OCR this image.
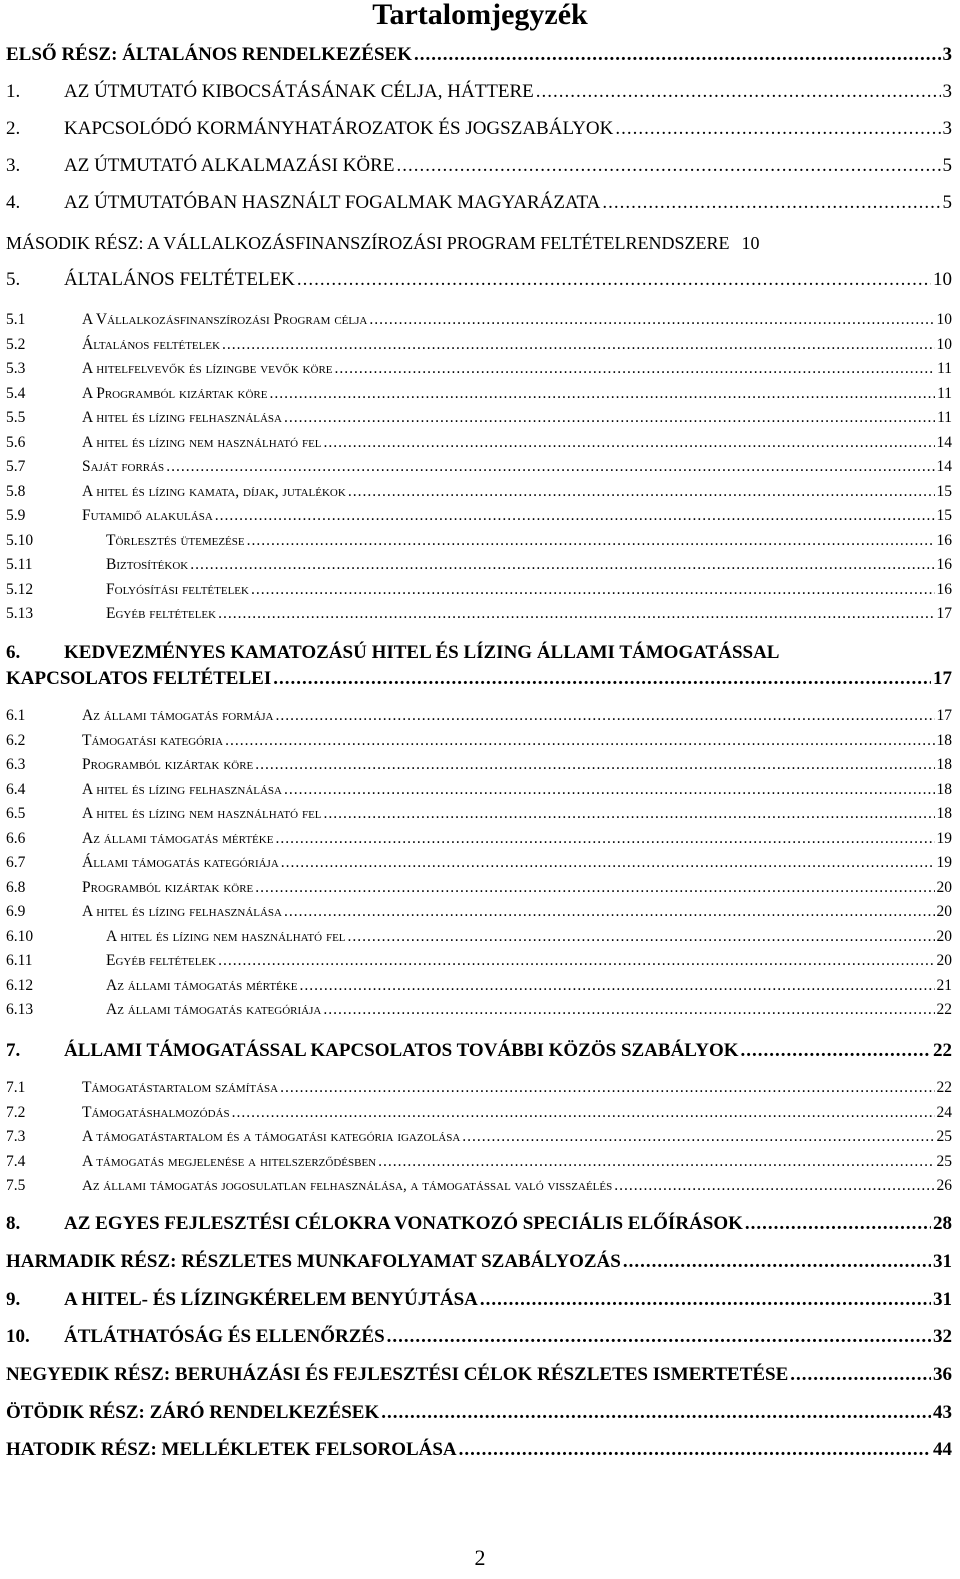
Tartalomjegyzék
ELSŐ RÉSZ: ÁLTALÁNOS RENDELKEZÉSEK .....	3
1.	AZ ÚTMUTATÓ KIBOCSÁTÁSÁNAK CÉLJA, HÁTTERE .....	3
2.	KAPCSOLÓDÓ KORMÁNYHATÁROZATOK ÉS JOGSZABÁLYOK .....	3
3.	AZ ÚTMUTATÓ ALKALMAZÁSI KÖRE .....	5
4.	AZ ÚTMUTATÓBAN HASZNÁLT FOGALMAK MAGYARÁZATA .....	5
MÁSODIK RÉSZ: A VÁLLALKOZÁSFINANSZÍROZÁSI PROGRAM FELTÉTELRENDSZERE 10
5.	ÁLTALÁNOS FELTÉTELEK .....	10
5.1	A Vállalkozásfinanszírozási Program célja .....	10
5.2	Általános feltételek .....	10
5.3	A hitelfelvevők és lízingbe vevők köre .....	11
5.4	A Programból kizártak köre .....	11
5.5	A hitel és lízing felhasználása .....	11
5.6	A hitel és lízing nem használható fel .....	14
5.7	Saját forrás .....	14
5.8	A hitel és lízing kamata, díjak, jutalékok .....	15
5.9	Futamidő alakulása .....	15
5.10	Törlesztés ütemezése .....	16
5.11	Biztosítékok .....	16
5.12	Folyósítási feltételek .....	16
5.13	Egyéb feltételek .....	17
6. KEDVEZMÉNYES KAMATOZÁSÚ HITEL ÉS LÍZING ÁLLAMI TÁMOGATÁSSAL
KAPCSOLATOS FELTÉTELEI .....	17
6.1	Az állami támogatás formája .....	17
6.2	Támogatási kategória .....	18
6.3	Programból kizártak köre .....	18
6.4	A hitel és lízing felhasználása .....	18
6.5	A hitel és lízing nem használható fel .....	18
6.6	Az állami támogatás mértéke .....	19
6.7	Állami támogatás kategóriája .....	19
6.8	Programból kizártak köre .....	20
6.9	A hitel és lízing felhasználása .....	20
6.10	A hitel és lízing nem használható fel .....	20
6.11	Egyéb feltételek .....	20
6.12	Az állami támogatás mértéke .....	21
6.13	Az állami támogatás kategóriája .....	22
7.	ÁLLAMI TÁMOGATÁSSAL KAPCSOLATOS TOVÁBBI KÖZÖS SZABÁLYOK .....	22
7.1	Támogatástartalom számítása .....	22
7.2	Támogatáshalmozódás .....	24
7.3	A támogatástartalom és a támogatási kategória igazolása .....	25
7.4	A támogatás megjelenése a hitelszerződésben .....	25
7.5	Az állami támogatás jogosulatlan felhasználása, a támogatással való visszaélés .....	26
8.	AZ EGYES FEJLESZTÉSI CÉLOKRA VONATKOZÓ SPECIÁLIS ELŐÍRÁSOK .....	28
HARMADIK RÉSZ: RÉSZLETES MUNKAFOLYAMAT SZABÁLYOZÁS .....	31
9.	A HITEL- ÉS LÍZINGKÉRELEM BENYÚJTÁSA .....	31
10.	ÁTLÁTHATÓSÁG ÉS ELLENŐRZÉS .....	32
NEGYEDIK RÉSZ: BERUHÁZÁSI ÉS FEJLESZTÉSI CÉLOK RÉSZLETES ISMERTETÉSE .....	36
ÖTÖDIK RÉSZ: ZÁRÓ RENDELKEZÉSEK .....	43
HATODIK RÉSZ: MELLÉKLETEK FELSOROLÁSA .....	44
2
